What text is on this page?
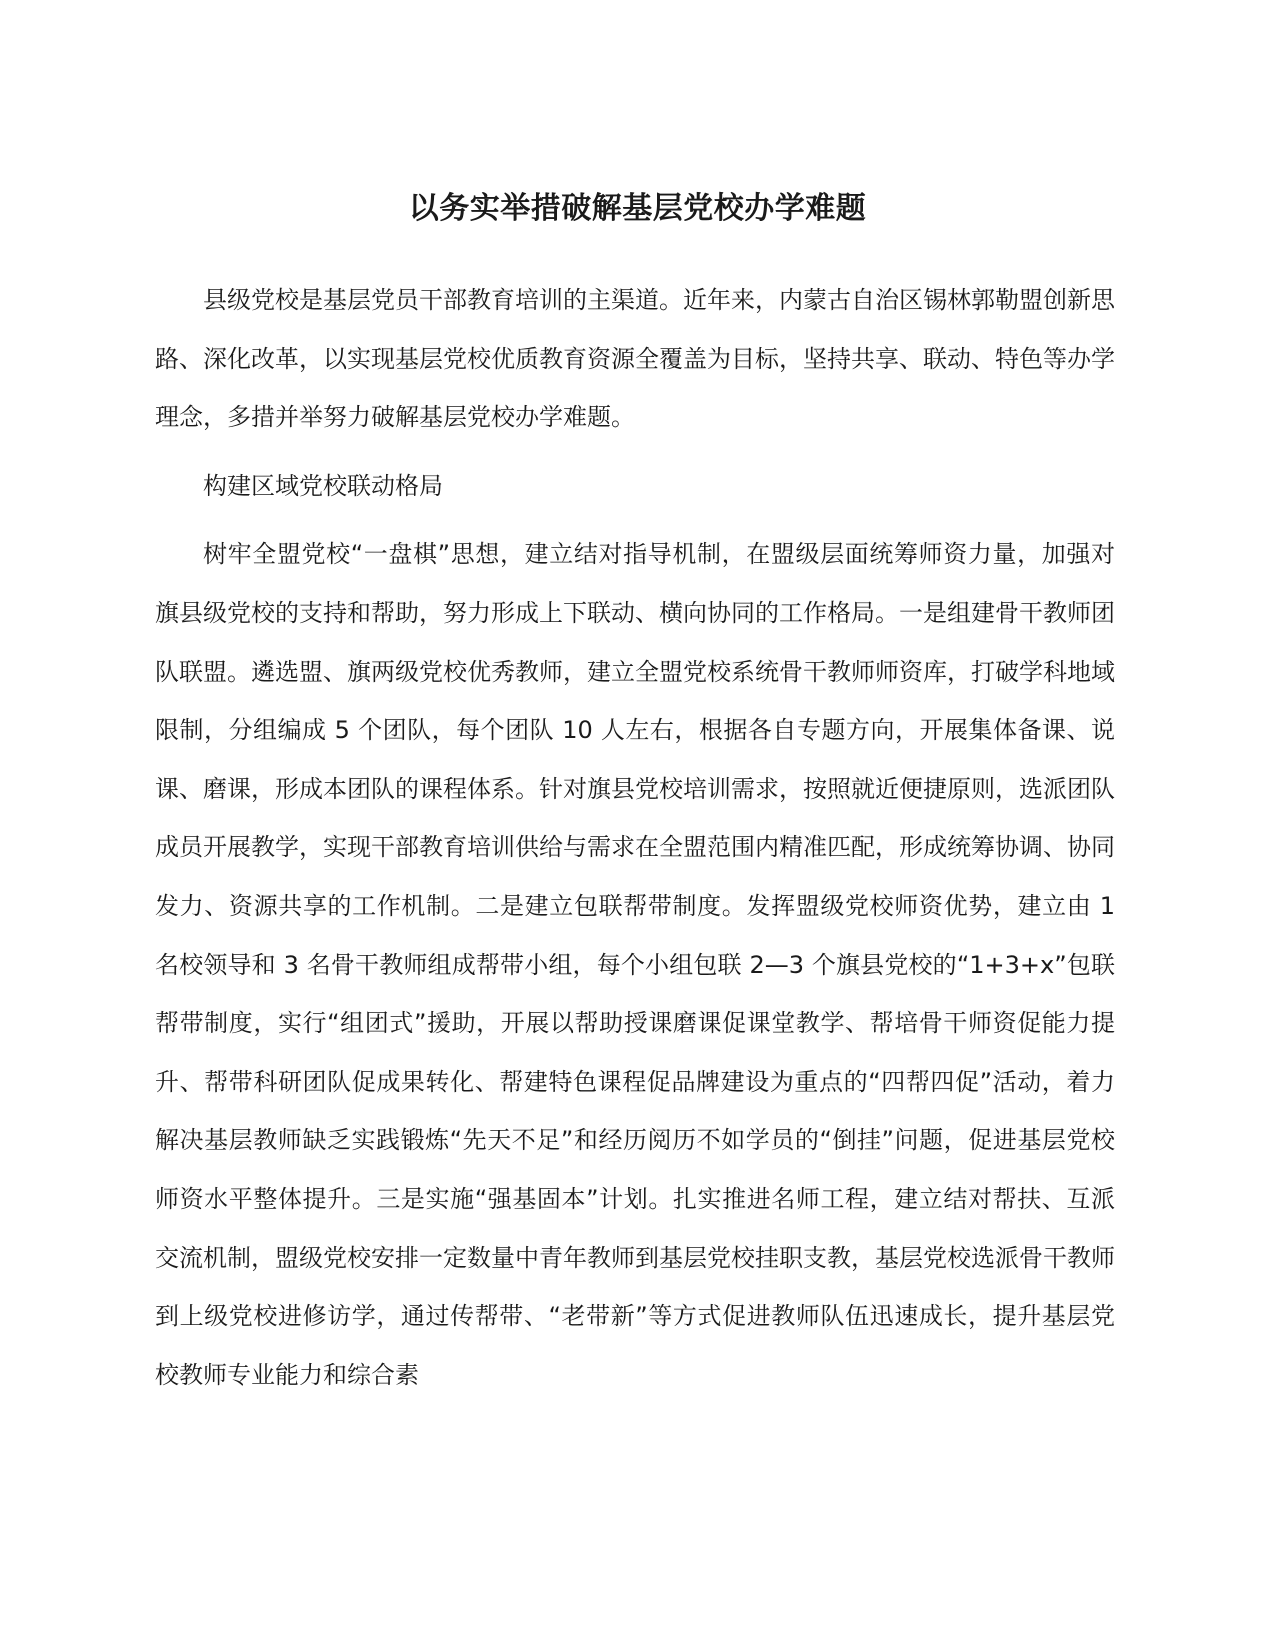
以务实举措破解基层党校办学难题

县级党校是基层党员干部教育培训的主渠道。近年来，内蒙古自治区锡林郭勒盟创新思路、深化改革，以实现基层党校优质教育资源全覆盖为目标，坚持共享、联动、特色等办学理念，多措并举努力破解基层党校办学难题。

构建区域党校联动格局

树牢全盟党校“一盘棋”思想，建立结对指导机制，在盟级层面统筹师资力量，加强对旗县级党校的支持和帮助，努力形成上下联动、横向协同的工作格局。一是组建骨干教师团队联盟。遴选盟、旗两级党校优秀教师，建立全盟党校系统骨干教师师资库，打破学科地域限制，分组编成 5 个团队，每个团队 10 人左右，根据各自专题方向，开展集体备课、说课、磨课，形成本团队的课程体系。针对旗县党校培训需求，按照就近便捷原则，选派团队成员开展教学，实现干部教育培训供给与需求在全盟范围内精准匹配，形成统筹协调、协同发力、资源共享的工作机制。二是建立包联帮带制度。发挥盟级党校师资优势，建立由 1 名校领导和 3 名骨干教师组成帮带小组，每个小组包联 2—3 个旗县党校的“1+3+x”包联帮带制度，实行“组团式”援助，开展以帮助授课磨课促课堂教学、帮培骨干师资促能力提升、帮带科研团队促成果转化、帮建特色课程促品牌建设为重点的“四帮四促”活动，着力解决基层教师缺乏实践锻炼“先天不足”和经历阅历不如学员的“倒挂”问题，促进基层党校师资水平整体提升。三是实施“强基固本”计划。扎实推进名师工程，建立结对帮扶、互派交流机制，盟级党校安排一定数量中青年教师到基层党校挂职支教，基层党校选派骨干教师到上级党校进修访学，通过传帮带、“老带新”等方式促进教师队伍迅速成长，提升基层党校教师专业能力和综合素
